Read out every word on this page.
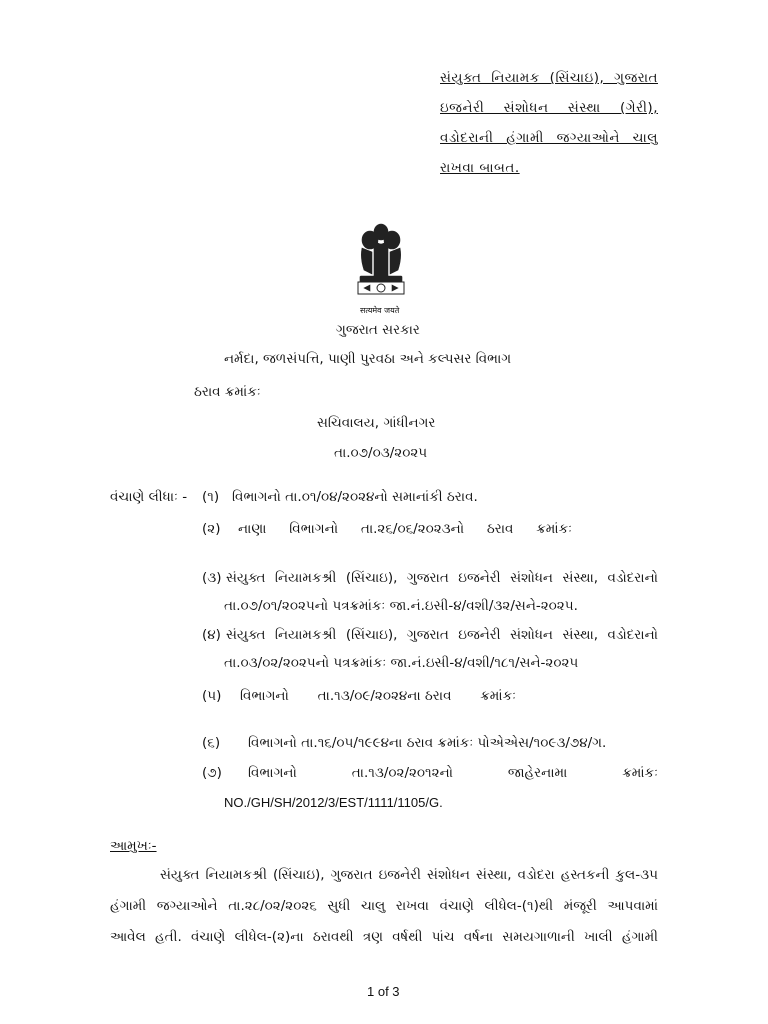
સંયુક્ત નિયામક (સિંચાઇ), ગુજરાત
ઇજનેરી સંશોધન સંસ્થા (ગેરી),
વડોદરાની હંગામી જગ્યાઓને ચાલુ
રાખવા બાબત.
सत्यमेव जयते
ગુજરાત સરકાર
નર્મદા, જળસંપત્તિ, પાણી પુરવઠા અને કલ્પસર વિભાગ
ઠરાવ ક્રમાંકઃ
સચિવાલય, ગાંધીનગર
તા.૦૭/૦૩/૨૦૨૫
વંચાણે લીધાઃ - (૧) વિભાગનો તા.૦૧/૦૪/૨૦૨૪નો સમાનાંકી ઠરાવ.
(૨) નાણા વિભાગનો તા.૨૬/૦૬/૨૦૨૩નો ઠરાવ ક્રમાંકઃ
(૩) સંયુક્ત નિયામકશ્રી (સિંચાઇ), ગુજરાત ઇજનેરી સંશોધન સંસ્થા, વડોદરાનો
તા.૦૭/૦૧/૨૦૨૫નો પત્રક્રમાંકઃ જા.નં.ઇસી-૪/વશી/૩૨/સને-૨૦૨૫.
(૪) સંયુક્ત નિયામકશ્રી (સિંચાઇ), ગુજરાત ઇજનેરી સંશોધન સંસ્થા, વડોદરાનો
તા.૦૩/૦૨/૨૦૨૫નો પત્રક્રમાંકઃ જા.નં.ઇસી-૪/વશી/૧૮૧/સને-૨૦૨૫
(૫) વિભાગનો તા.૧૩/૦૯/૨૦૨૪ના ઠરાવ ક્રમાંકઃ
(૬) વિભાગનો તા.૧૬/૦૫/૧૯૯૪ના ઠરાવ ક્રમાંકઃ પોએએસ/૧૦૯૩/૭૪/ગ.
(૭) વિભાગનો	તા.૧૩/૦૨/૨૦૧૨નો	જાહેરનામા	ક્રમાંકઃ
NO./GH/SH/2012/3/EST/1111/1105/G.
આમુખઃ-
સંયુક્ત નિયામકશ્રી (સિંચાઇ), ગુજરાત ઇજનેરી સંશોધન સંસ્થા, વડોદરા હસ્તકની કુલ-૩૫
હંગામી જગ્યાઓને તા.૨૮/૦૨/૨૦૨૬ સુધી ચાલુ રાખવા વંચાણે લીધેલ-(૧)થી મંજૂરી આપવામાં
આવેલ હતી. વંચાણે લીધેલ-(૨)ના ઠરાવથી ત્રણ વર્ષથી પાંચ વર્ષના સમયગાળાની ખાલી હંગામી
1 of 3
